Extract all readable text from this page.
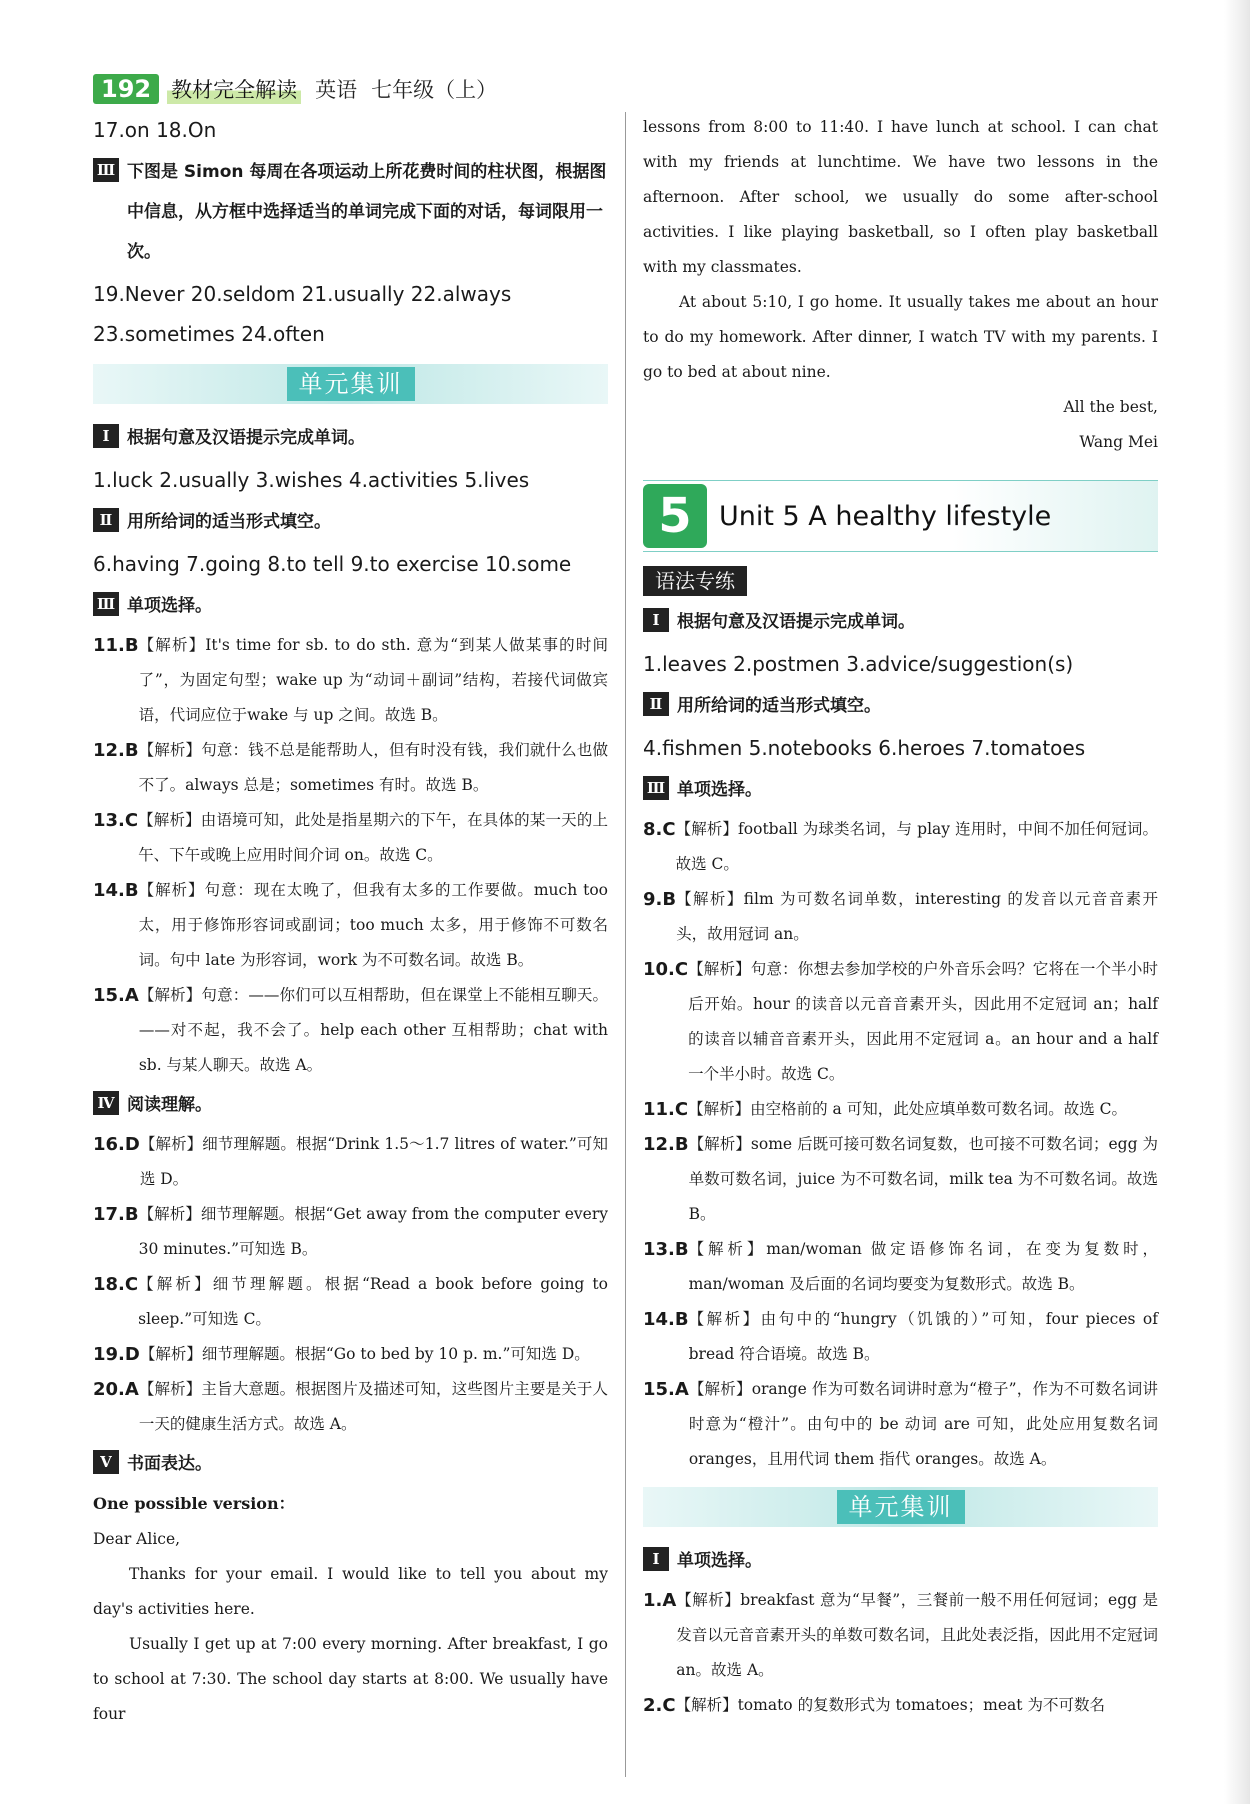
192 教材完全解读 英语 七年级（上）

17.on 18.On

Ⅲ 下图是 Simon 每周在各项运动上所花费时间的柱状图，根据图中信息，从方框中选择适当的单词完成下面的对话，每词限用一次。

19.Never 20.seldom 21.usually 22.always

23.sometimes 24.often

单元集训
Ⅰ	根据句意及汉语提示完成单词。

1.luck 2.usually 3.wishes 4.activities 5.lives

Ⅱ 用所给词的适当形式填空。

6.having 7.going 8.to tell 9.to exercise 10.some

Ⅲ 单项选择。
11.B 【解析】It's time for sb. to do sth. 意为“到某人做某事的时间了”，为固定句型；wake up 为“动词＋副词”结构，若接代词做宾语，代词应位于wake 与 up 之间。故选 B。
12.B 【解析】句意：钱不总是能帮助人，但有时没有钱，我们就什么也做不了。always 总是；sometimes 有时。故选 B。
13.C 【解析】由语境可知，此处是指星期六的下午，在具体的某一天的上午、下午或晚上应用时间介词 on。故选 C。
14.B 【解析】句意：现在太晚了，但我有太多的工作要做。much too 太，用于修饰形容词或副词；too much 太多，用于修饰不可数名词。句中 late 为形容词，work 为不可数名词。故选 B。
15.A 【解析】句意：——你们可以互相帮助，但在课堂上不能相互聊天。——对不起，我不会了。help each other 互相帮助；chat with sb. 与某人聊天。故选 A。
Ⅳ 阅读理解。
16.D 【解析】细节理解题。根据“Drink 1.5～1.7 litres of water.”可知选 D。
17.B 【解析】细节理解题。根据“Get away from the computer every 30 minutes.”可知选 B。
18.C 【解析】细节理解题。根据“Read a book before going to sleep.”可知选 C。
19.D 【解析】细节理解题。根据“Go to bed by 10 p. m.”可知选 D。
20.A 【解析】主旨大意题。根据图片及描述可知，这些图片主要是关于人一天的健康生活方式。故选 A。
Ⅴ 书面表达。

One possible version：

Dear Alice,

Thanks for your email. I would like to tell you about my day's activities here.

Usually I get up at 7:00 every morning. After breakfast, I go to school at 7:30. The school day starts at 8:00. We usually have four

lessons from 8:00 to 11:40. I have lunch at school. I can chat with my friends at lunchtime. We have two lessons in the afternoon. After school, we usually do some after-school activities. I like playing basketball, so I often play basketball with my classmates.

At about 5:10, I go home. It usually takes me about an hour to do my homework. After dinner, I watch TV with my parents. I go to bed at about nine.

All the best,

Wang Mei

5 Unit 5 A healthy lifestyle
语法专练
Ⅰ	根据句意及汉语提示完成单词。

1.leaves 2.postmen 3.advice/suggestion(s)

Ⅱ 用所给词的适当形式填空。

4.fishmen 5.notebooks 6.heroes 7.tomatoes

Ⅲ 单项选择。
8.C 【解析】football 为球类名词，与 play 连用时，中间不加任何冠词。故选 C。
9.B 【解析】film 为可数名词单数，interesting 的发音以元音音素开头，故用冠词 an。
10.C 【解析】句意：你想去参加学校的户外音乐会吗？它将在一个半小时后开始。hour 的读音以元音音素开头，因此用不定冠词 an；half 的读音以辅音音素开头，因此用不定冠词 a。an hour and a half 一个半小时。故选 C。
11.C 【解析】由空格前的 a 可知，此处应填单数可数名词。故选 C。
12.B 【解析】some 后既可接可数名词复数，也可接不可数名词；egg 为单数可数名词，juice 为不可数名词，milk tea 为不可数名词。故选 B。
13.B 【解析】man/woman 做定语修饰名词，在变为复数时，man/woman 及后面的名词均要变为复数形式。故选 B。
14.B 【解析】由句中的“hungry（饥饿的）”可知，four pieces of bread 符合语境。故选 B。
15.A 【解析】orange 作为可数名词讲时意为“橙子”，作为不可数名词讲时意为“橙汁”。由句中的 be 动词 are 可知，此处应用复数名词 oranges，且用代词 them 指代 oranges。故选 A。
单元集训
Ⅰ	单项选择。
1.A 【解析】breakfast 意为“早餐”，三餐前一般不用任何冠词；egg 是发音以元音音素开头的单数可数名词，且此处表泛指，因此用不定冠词 an。故选 A。
2.C 【解析】tomato 的复数形式为 tomatoes；meat 为不可数名
